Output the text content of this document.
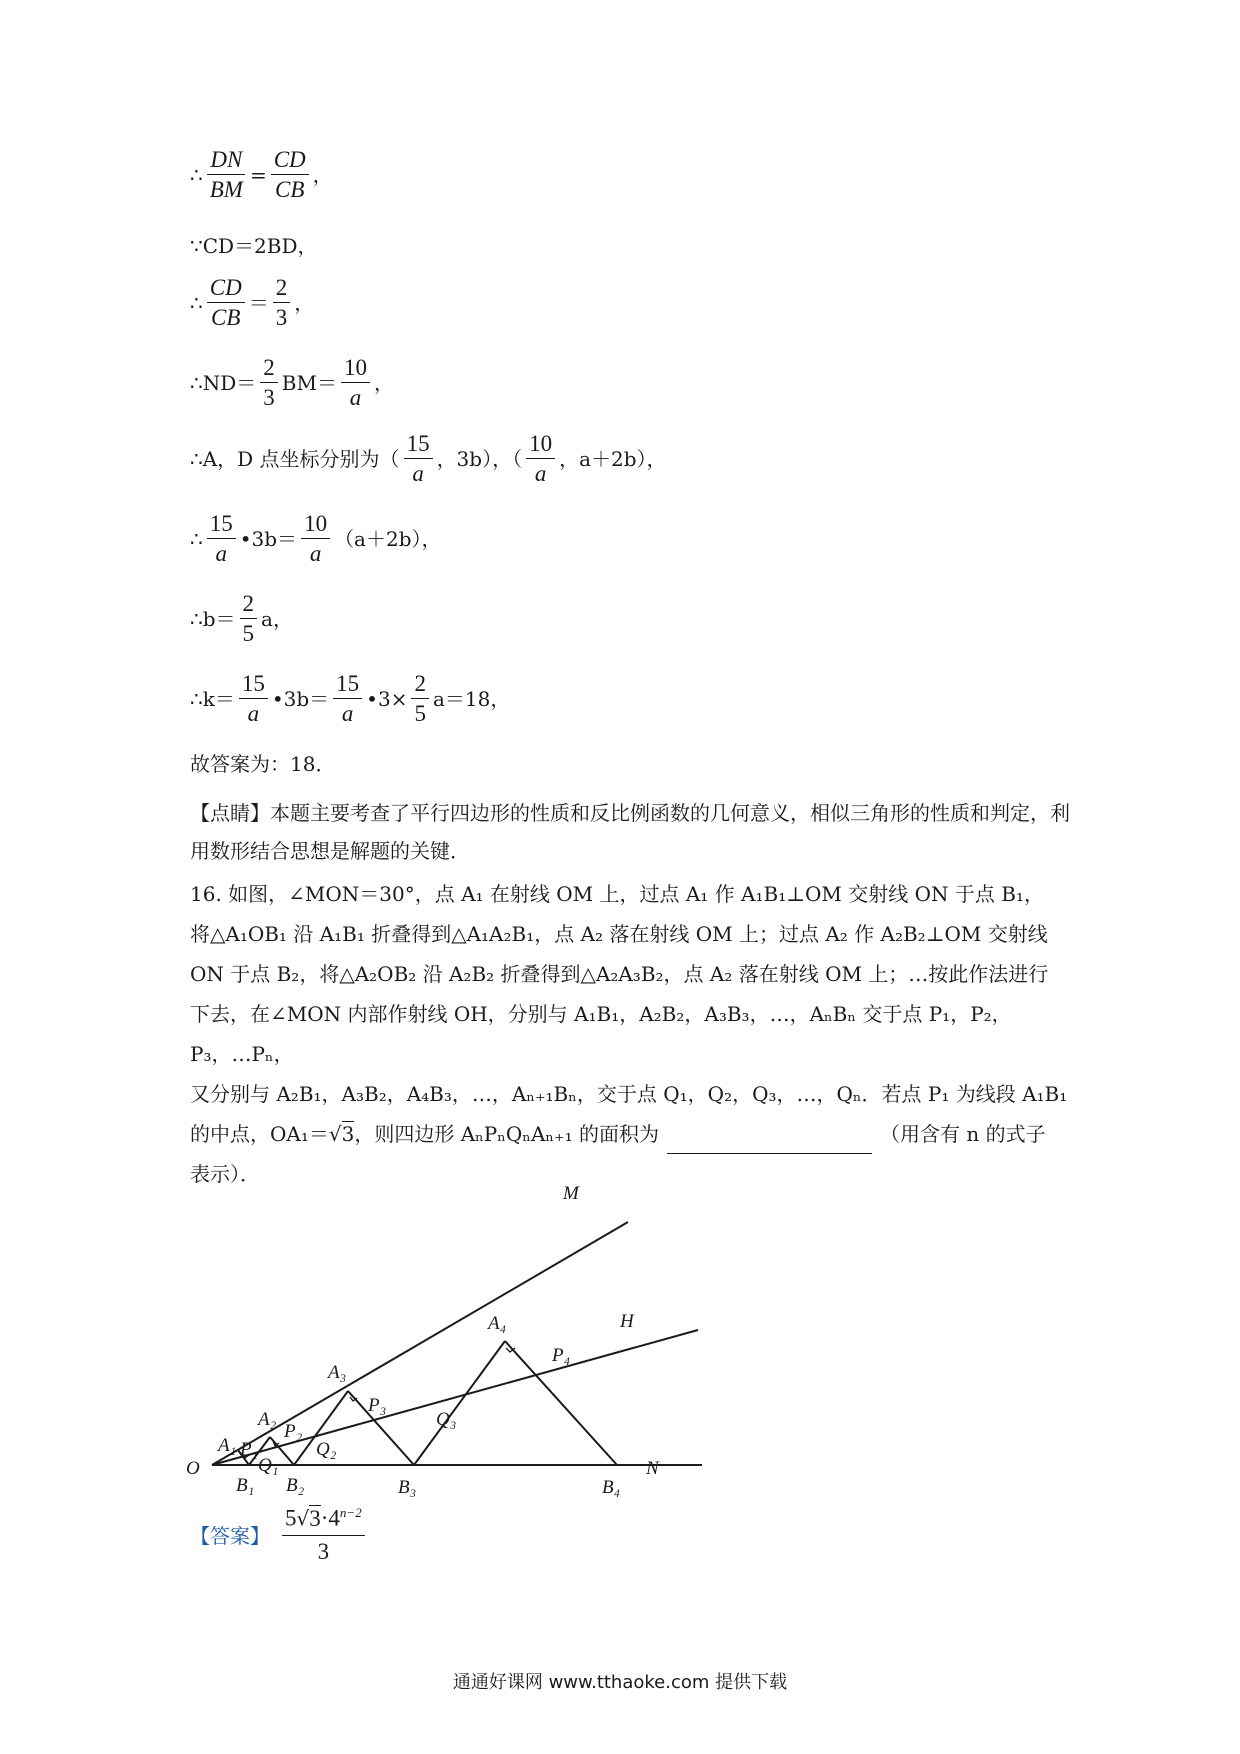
∴ $\frac{DN}{BM} = \frac{CD}{CB}$ ，
∵CD＝2BD，
∴ $\frac{CD}{CB} = \frac{2}{3}$ ，
∴ND＝ $\frac{2}{3} BM= \frac{10}{a}$ ，
∴A，D 点坐标分别为（ $\frac{15}{a}$ ，3b），（ $\frac{10}{a}$ ，a＋2b），
∴ $\frac{15}{a}$ •3b＝ $\frac{10}{a} (a+2b)$，
∴b＝ $\frac{2}{5}$ a，
∴k＝ $\frac{15}{a}$ •3b＝ $\frac{15}{a}$ •3× $\frac{2}{5} a=18$，
故答案为：18．
【点睛】本题主要考查了平行四边形的性质和反比例函数的几何意义，相似三角形的性质和判定，利用数形结合思想是解题的关键．

16. 如图，∠MON＝30°，点 A₁ 在射线 OM 上，过点 A₁ 作 A₁B₁⊥OM 交射线 ON 于点 B₁，

将△A₁OB₁ 沿 A₁B₁ 折叠得到△A₁A₂B₁，点 A₂ 落在射线 OM 上；过点 A₂ 作 A₂B₂⊥OM 交射线

ON 于点 B₂，将△A₂OB₂ 沿 A₂B₂ 折叠得到△A₂A₃B₂，点 A₂ 落在射线 OM 上；…按此作法进行

下去，在∠MON 内部作射线 OH，分别与 A₁B₁，A₂B₂，A₃B₃，…，AₙBₙ 交于点 P₁，P₂，P₃，…Pₙ，

又分别与 A₂B₁，A₃B₂，A₄B₃，…，Aₙ₊₁Bₙ，交于点 Q₁，Q₂，Q₃，…，Qₙ．若点 P₁ 为线段 A₁B₁

的中点，OA₁＝√3，则四边形 AₙPₙQₙAₙ₊₁ 的面积为	（用含有 n 的式子

表示）．

M
H
N
O
A₁
A₂
A₃
A₄
B₁ B₂	B₃	B₄
P₁
P₂
P₃
P₄
Q₁
Q₂
Q₃
【答案】 $\frac{5√3\cdot 4^{n-2}}{3}$
通通好课网 www.tthaoke.com 提供下载
